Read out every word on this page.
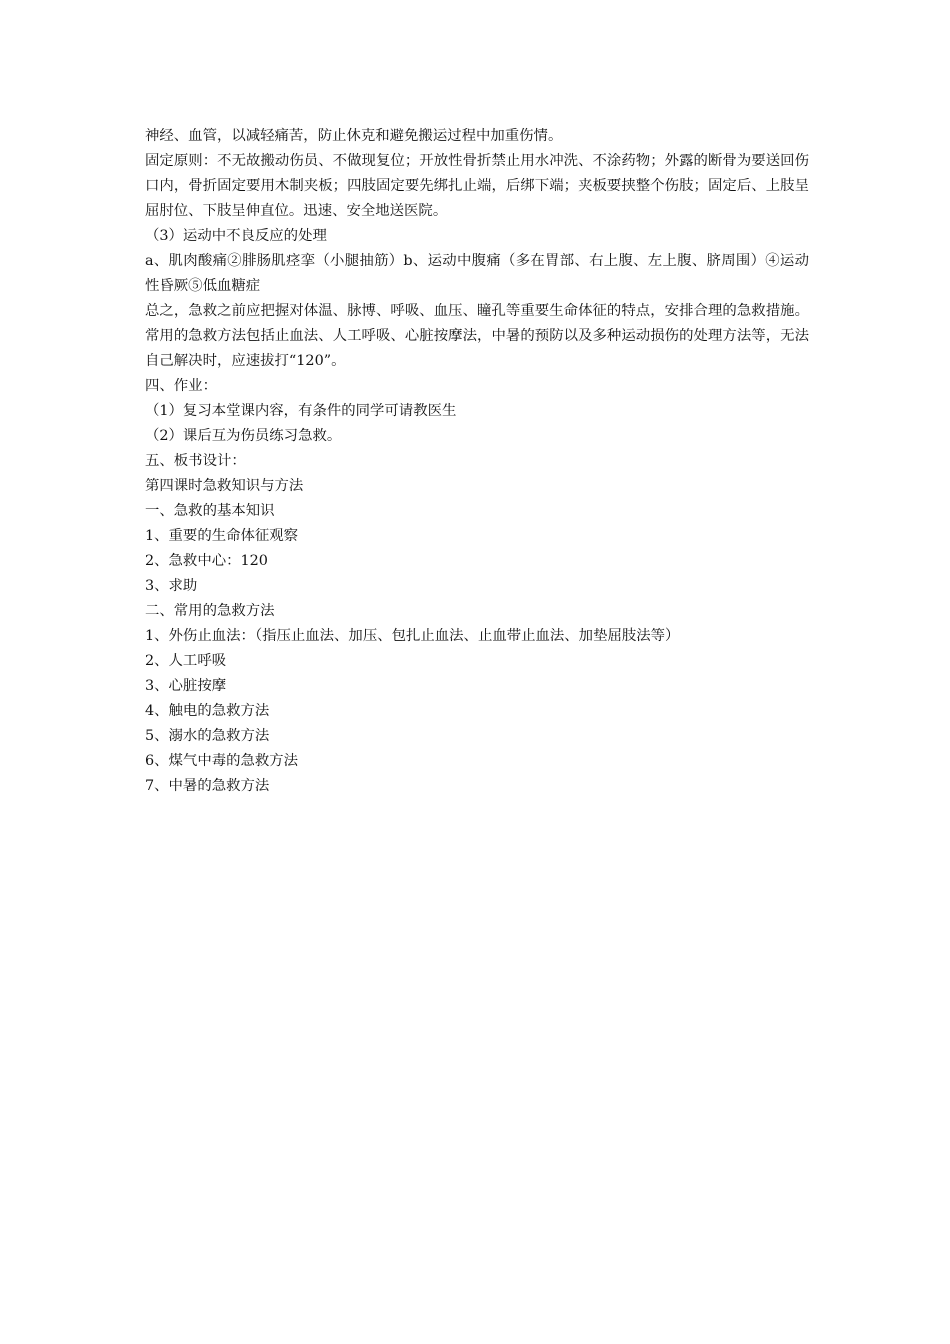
神经、血管，以减轻痛苦，防止休克和避免搬运过程中加重伤情。

固定原则：不无故搬动伤员、不做现复位；开放性骨折禁止用水冲洗、不涂药物；外露的断骨为要送回伤口内，骨折固定要用木制夹板；四肢固定要先绑扎止端，后绑下端；夹板要挟整个伤肢；固定后、上肢呈屈肘位、下肢呈伸直位。迅速、安全地送医院。

（3）运动中不良反应的处理

a、肌肉酸痛②腓肠肌痉挛（小腿抽筋）b、运动中腹痛（多在胃部、右上腹、左上腹、脐周围）④运动性昏厥⑤低血糖症

总之，急救之前应把握对体温、脉博、呼吸、血压、瞳孔等重要生命体征的特点，安排合理的急救措施。常用的急救方法包括止血法、人工呼吸、心脏按摩法，中暑的预防以及多种运动损伤的处理方法等，无法自己解决时，应速拔打“120”。

四、作业：

（1）复习本堂课内容，有条件的同学可请教医生

（2）课后互为伤员练习急救。

五、板书设计：

第四课时急救知识与方法

一、急救的基本知识

1、重要的生命体征观察

2、急救中心：120

3、求助

二、常用的急救方法

1、外伤止血法：（指压止血法、加压、包扎止血法、止血带止血法、加垫屈肢法等）

2、人工呼吸

3、心脏按摩

4、触电的急救方法

5、溺水的急救方法

6、煤气中毒的急救方法

7、中暑的急救方法
